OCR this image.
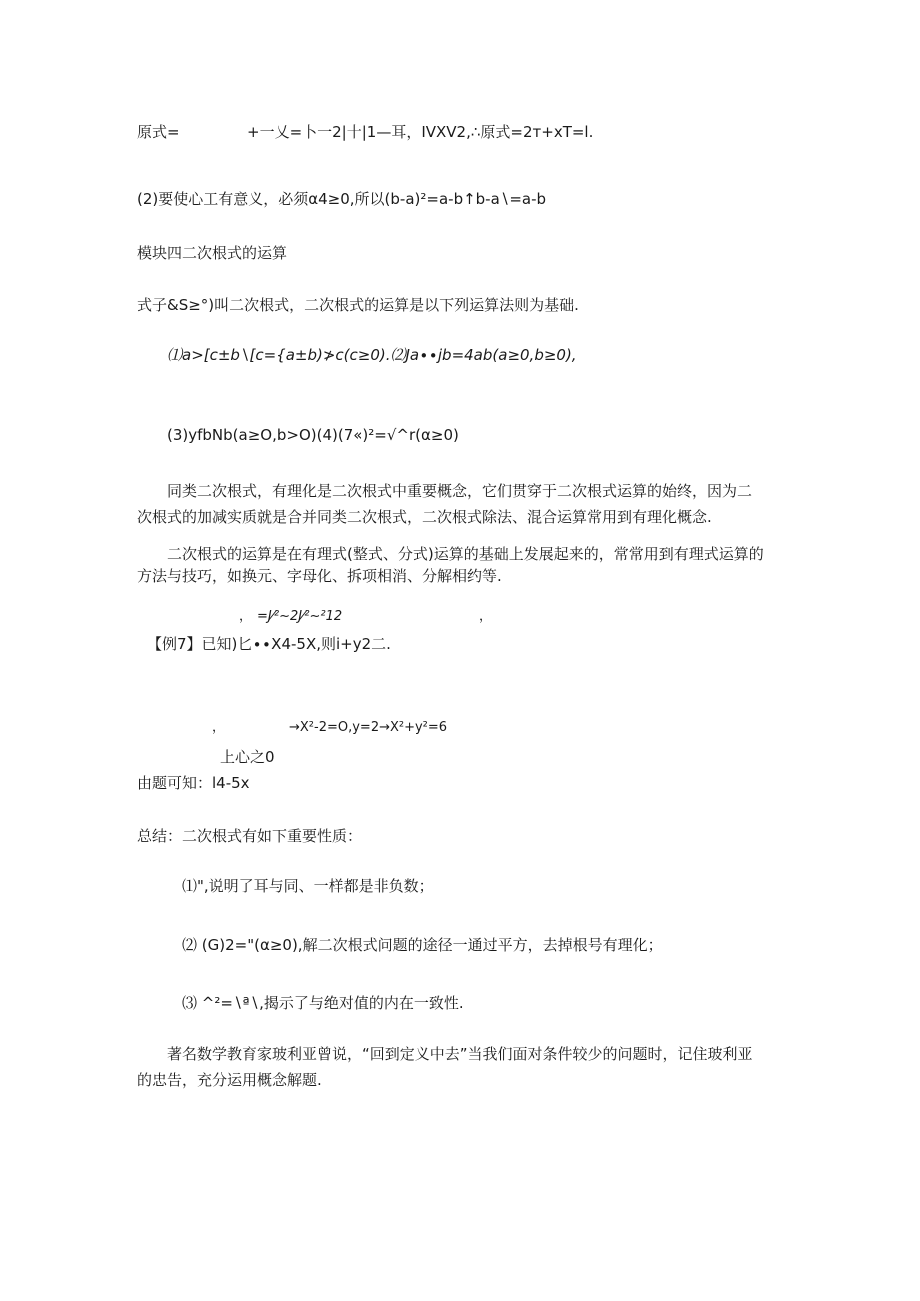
原式=	+一乂=卜一2|十|1—耳，IVXV2,∴原式=2т+xT=l.
(2)要使心工有意义，必须α4≥0,所以(b-a)²=a-b↑b-a∖=a-b
模块四二次根式的运算
式子&S≥°)叫二次根式，二次根式的运算是以下列运算法则为基础.
⑴a>[c±b∖[c={a±b)≯c(c≥0).⑵Ja∙∙jb=4ab(a≥0,b≥0),
(3)yfbNb(a≥O,b>O)(4)(7«)²=√^r(α≥0)
同类二次根式，有理化是二次根式中重要概念，它们贯穿于二次根式运算的始终，因为二
次根式的加减实质就是合并同类二次根式，二次根式除法、混合运算常用到有理化概念.
二次根式的运算是在有理式(整式、分式)运算的基础上发展起来的，常常用到有理式运算的
方法与技巧，如换元、字母化、拆项相消、分解相约等.
， =J⁄²~2J⁄²~²12	，
【例7】已知)匕∙∙X4-5X,则i+y2二.
，	→X²-2=O,y=2→X²+y²=6
上心之0
由题可知：l4-5x
总结：二次根式有如下重要性质：
⑴",说明了耳与同、一样都是非负数；
⑵ (G)2="(α≥0),解二次根式问题的途径一通过平方，去掉根号有理化；
⑶ ^²=∖ª∖,揭示了与绝对值的内在一致性.
著名数学教育家玻利亚曾说，“回到定义中去”当我们面对条件较少的问题时，记住玻利亚
的忠告，充分运用概念解题.
